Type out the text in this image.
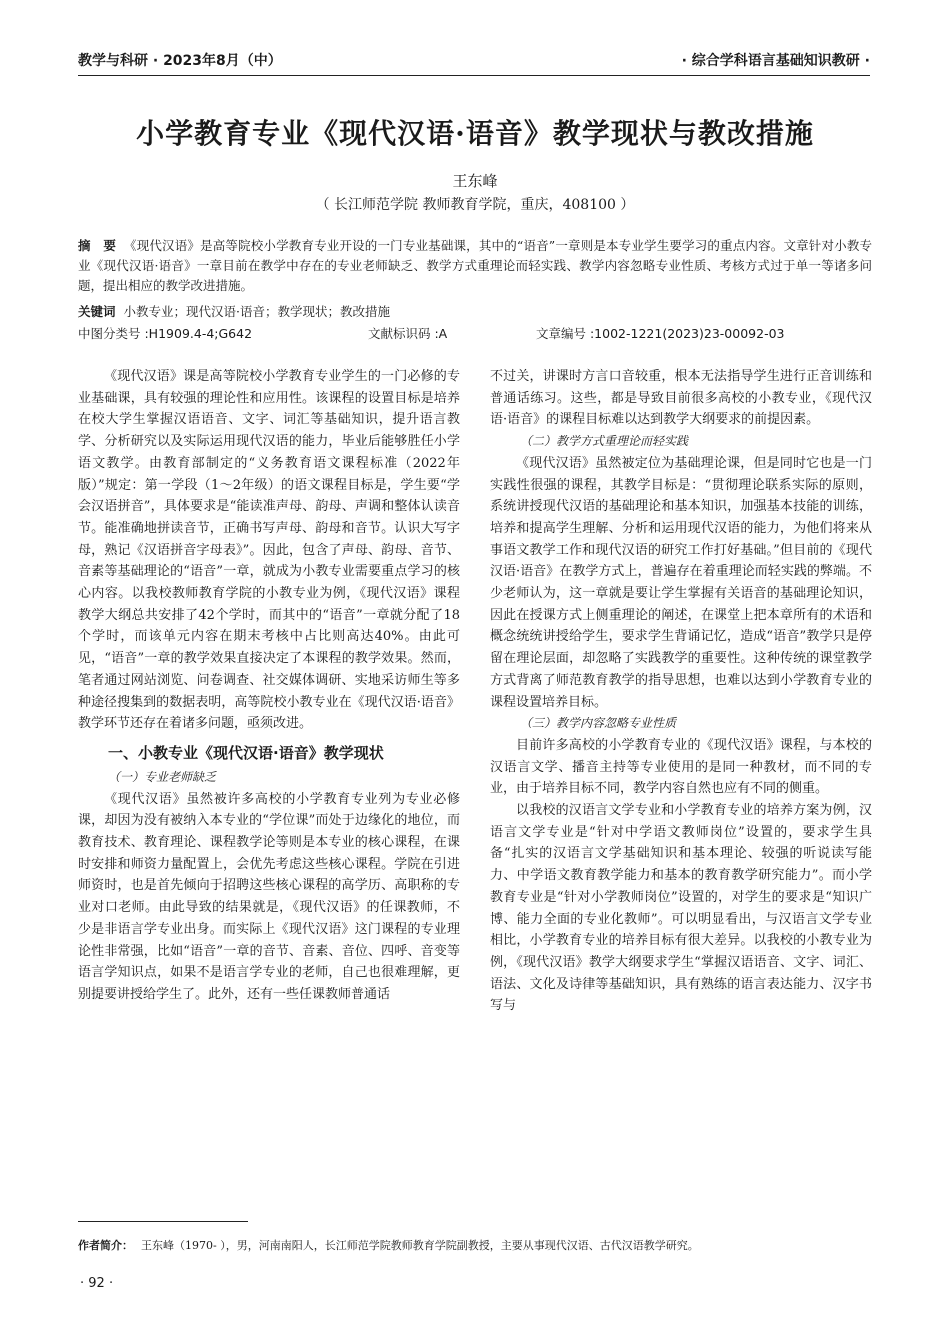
教学与科研 · 2023年8月（中）	· 综合学科语言基础知识教研 ·
小学教育专业《现代汉语·语音》教学现状与教改措施
王东峰
（ 长江师范学院 教师教育学院，重庆，408100 ）

摘　要 《现代汉语》是高等院校小学教育专业开设的一门专业基础课，其中的“语音”一章则是本专业学生要学习的重点内容。文章针对小教专业《现代汉语·语音》一章目前在教学中存在的专业老师缺乏、教学方式重理论而轻实践、教学内容忽略专业性质、考核方式过于单一等诸多问题，提出相应的教学改进措施。

关键词 小教专业；现代汉语·语音；教学现状；教改措施

中图分类号 :H1909.4-4;G642	文献标识码 :A	文章编号 :1002-1221(2023)23-00092-03

《现代汉语》课是高等院校小学教育专业学生的一门必修的专业基础课，具有较强的理论性和应用性。该课程的设置目标是培养在校大学生掌握汉语语音、文字、词汇等基础知识，提升语言教学、分析研究以及实际运用现代汉语的能力，毕业后能够胜任小学语文教学。由教育部制定的“义务教育语文课程标准（2022年版）”规定：第一学段（1～2年级）的语文课程目标是，学生要“学会汉语拼音”，具体要求是“能读准声母、韵母、声调和整体认读音节。能准确地拼读音节，正确书写声母、韵母和音节。认识大写字母，熟记《汉语拼音字母表》”。因此，包含了声母、韵母、音节、音素等基础理论的“语音”一章，就成为小教专业需要重点学习的核心内容。以我校教师教育学院的小教专业为例，《现代汉语》课程教学大纲总共安排了42个学时，而其中的“语音”一章就分配了18个学时，而该单元内容在期末考核中占比则高达40%。由此可见，“语音”一章的教学效果直接决定了本课程的教学效果。然而，笔者通过网站浏览、问卷调查、社交媒体调研、实地采访师生等多种途径搜集到的数据表明，高等院校小教专业在《现代汉语·语音》教学环节还存在着诸多问题，亟须改进。

一、小教专业《现代汉语·语音》教学现状
（一）专业老师缺乏

《现代汉语》虽然被许多高校的小学教育专业列为专业必修课，却因为没有被纳入本专业的“学位课”而处于边缘化的地位，而教育技术、教育理论、课程教学论等则是本专业的核心课程，在课时安排和师资力量配置上，会优先考虑这些核心课程。学院在引进师资时，也是首先倾向于招聘这些核心课程的高学历、高职称的专业对口老师。由此导致的结果就是，《现代汉语》的任课教师，不少是非语言学专业出身。而实际上《现代汉语》这门课程的专业理论性非常强，比如“语音”一章的音节、音素、音位、四呼、音变等语言学知识点，如果不是语言学专业的老师，自己也很难理解，更别提要讲授给学生了。此外，还有一些任课教师普通话

不过关，讲课时方言口音较重，根本无法指导学生进行正音训练和普通话练习。这些，都是导致目前很多高校的小教专业，《现代汉语·语音》的课程目标难以达到教学大纲要求的前提因素。

（二）教学方式重理论而轻实践

《现代汉语》虽然被定位为基础理论课，但是同时它也是一门实践性很强的课程，其教学目标是：“贯彻理论联系实际的原则，系统讲授现代汉语的基础理论和基本知识，加强基本技能的训练，培养和提高学生理解、分析和运用现代汉语的能力，为他们将来从事语文教学工作和现代汉语的研究工作打好基础。”但目前的《现代汉语·语音》在教学方式上，普遍存在着重理论而轻实践的弊端。不少老师认为，这一章就是要让学生掌握有关语音的基础理论知识，因此在授课方式上侧重理论的阐述，在课堂上把本章所有的术语和概念统统讲授给学生，要求学生背诵记忆，造成“语音”教学只是停留在理论层面，却忽略了实践教学的重要性。这种传统的课堂教学方式背离了师范教育教学的指导思想，也难以达到小学教育专业的课程设置培养目标。

（三）教学内容忽略专业性质

目前许多高校的小学教育专业的《现代汉语》课程，与本校的汉语言文学、播音主持等专业使用的是同一种教材，而不同的专业，由于培养目标不同，教学内容自然也应有不同的侧重。

以我校的汉语言文学专业和小学教育专业的培养方案为例，汉语言文学专业是“针对中学语文教师岗位”设置的，要求学生具备“扎实的汉语言文学基础知识和基本理论、较强的听说读写能力、中学语文教育教学能力和基本的教育教学研究能力”。而小学教育专业是“针对小学教师岗位”设置的，对学生的要求是“知识广博、能力全面的专业化教师”。可以明显看出，与汉语言文学专业相比，小学教育专业的培养目标有很大差异。以我校的小教专业为例，《现代汉语》教学大纲要求学生“掌握汉语语音、文字、词汇、语法、文化及诗律等基础知识，具有熟练的语言表达能力、汉字书写与

作者简介： 王东峰（1970- ），男，河南南阳人，长江师范学院教师教育学院副教授，主要从事现代汉语、古代汉语教学研究。

· 92 ·
